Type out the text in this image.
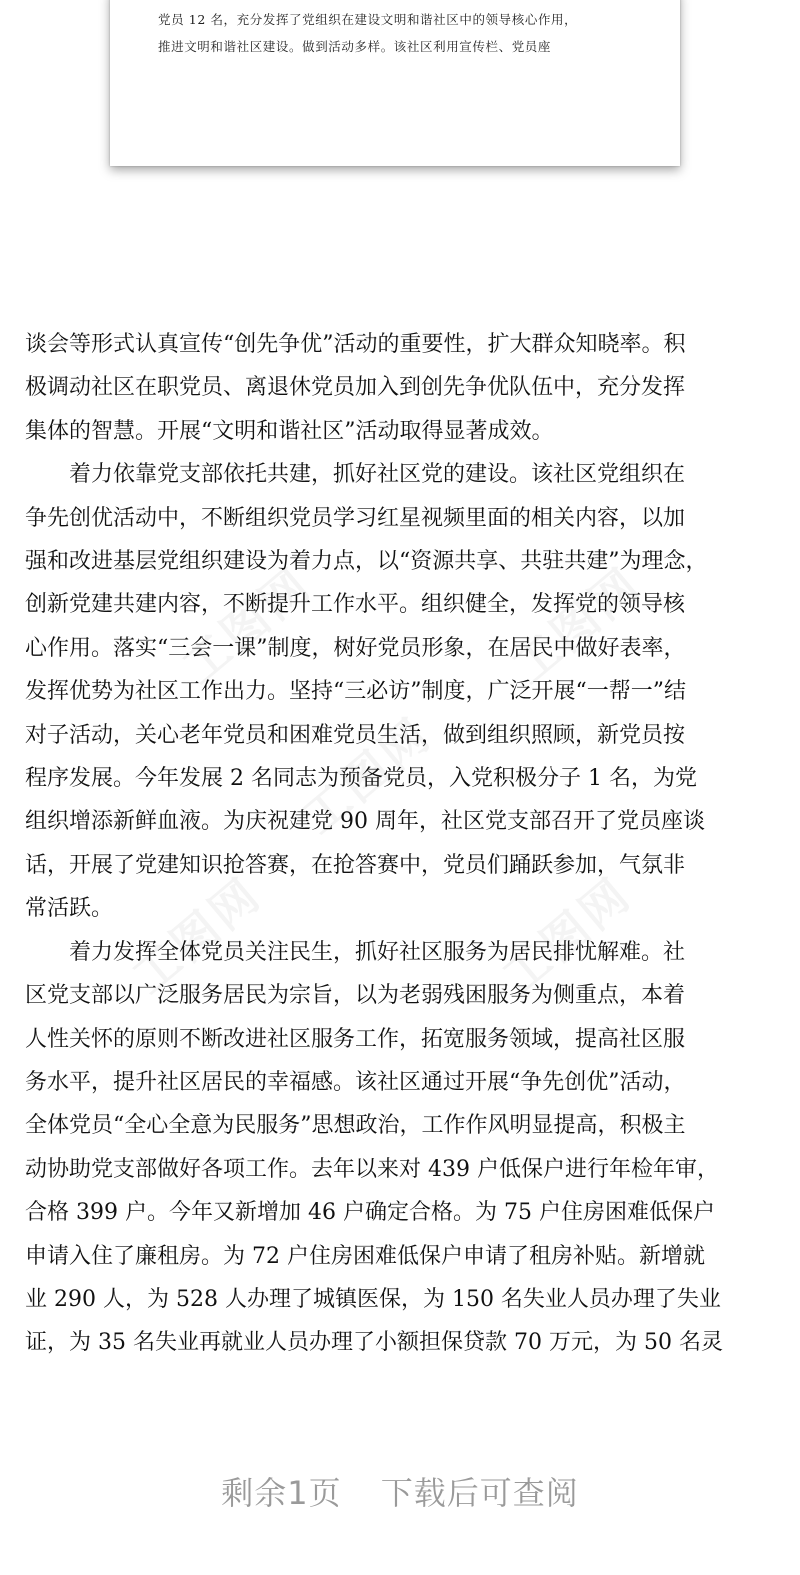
党员 12 名，充分发挥了党组织在建设文明和谐社区中的领导核心作用，
推进文明和谐社区建设。做到活动多样。该社区利用宣传栏、党员座
工图网	工图网
工图网
工图网	工图网
谈会等形式认真宣传“创先争优”活动的重要性，扩大群众知晓率。积
极调动社区在职党员、离退休党员加入到创先争优队伍中，充分发挥
集体的智慧。开展“文明和谐社区”活动取得显著成效。
　　着力依靠党支部依托共建，抓好社区党的建设。该社区党组织在
争先创优活动中，不断组织党员学习红星视频里面的相关内容，以加
强和改进基层党组织建设为着力点，以“资源共享、共驻共建”为理念，
创新党建共建内容，不断提升工作水平。组织健全，发挥党的领导核
心作用。落实“三会一课”制度，树好党员形象，在居民中做好表率，
发挥优势为社区工作出力。坚持“三必访”制度，广泛开展“一帮一”结
对子活动，关心老年党员和困难党员生活，做到组织照顾，新党员按
程序发展。今年发展 2 名同志为预备党员，入党积极分子 1 名，为党
组织增添新鲜血液。为庆祝建党 90 周年，社区党支部召开了党员座谈
话，开展了党建知识抢答赛，在抢答赛中，党员们踊跃参加，气氛非
常活跃。
　　着力发挥全体党员关注民生，抓好社区服务为居民排忧解难。社
区党支部以广泛服务居民为宗旨，以为老弱残困服务为侧重点，本着
人性关怀的原则不断改进社区服务工作，拓宽服务领域，提高社区服
务水平，提升社区居民的幸福感。该社区通过开展“争先创优”活动，
全体党员“全心全意为民服务”思想政治，工作作风明显提高，积极主
动协助党支部做好各项工作。去年以来对 439 户低保户进行年检年审，
合格 399 户。今年又新增加 46 户确定合格。为 75 户住房困难低保户
申请入住了廉租房。为 72 户住房困难低保户申请了租房补贴。新增就
业 290 人，为 528 人办理了城镇医保，为 150 名失业人员办理了失业
证，为 35 名失业再就业人员办理了小额担保贷款 70 万元，为 50 名灵
剩余1页 下载后可查阅
